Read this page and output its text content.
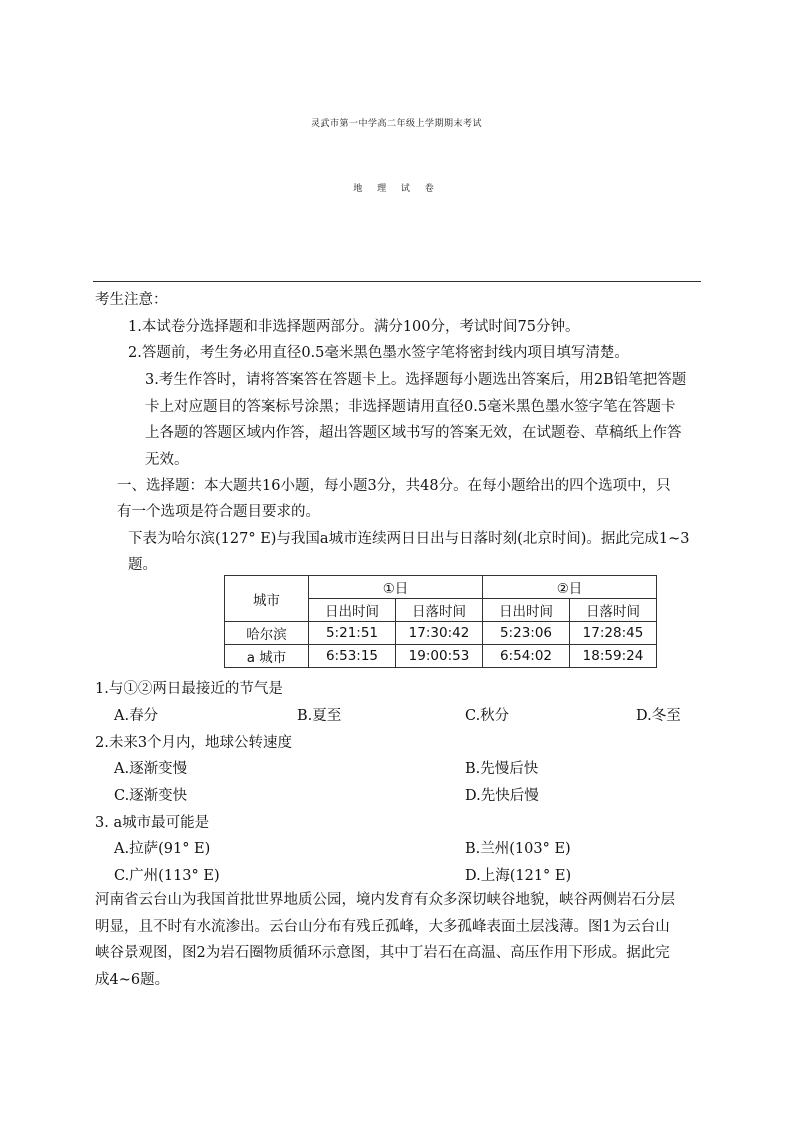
灵武市第一中学高二年级上学期期末考试
地 理 试 卷
考生注意：
1.本试卷分选择题和非选择题两部分。满分100分，考试时间75分钟。
2.答题前，考生务必用直径0.5毫米黑色墨水签字笔将密封线内项目填写清楚。
3.考生作答时，请将答案答在答题卡上。选择题每小题选出答案后，用2B铅笔把答题
卡上对应题目的答案标号涂黑；非选择题请用直径0.5毫米黑色墨水签字笔在答题卡
上各题的答题区域内作答，超出答题区域书写的答案无效，在试题卷、草稿纸上作答
无效。
一、选择题：本大题共16小题，每小题3分，共48分。在每小题给出的四个选项中，只
有一个选项是符合题目要求的。
下表为哈尔滨(127° E)与我国a城市连续两日日出与日落时刻(北京时间)。据此完成1~3
题。
城市	①日		②日	
	日出时间	日落时间	日出时间	日落时间
哈尔滨	5:21:51	17:30:42	5:23:06	17:28:45
a 城市	6:53:15	19:00:53	6:54:02	18:59:24
1.与①②两日最接近的节气是
A.春分	B.夏至	C.秋分	D.冬至
2.未来3个月内，地球公转速度
A.逐渐变慢	B.先慢后快
C.逐渐变快	D.先快后慢
3. a城市最可能是
A.拉萨(91° E)	B.兰州(103° E)
C.广州(113° E)	D.上海(121° E)
河南省云台山为我国首批世界地质公园，境内发育有众多深切峡谷地貌，峡谷两侧岩石分层
明显，且不时有水流渗出。云台山分布有残丘孤峰，大多孤峰表面土层浅薄。图1为云台山
峡谷景观图，图2为岩石圈物质循环示意图，其中丁岩石在高温、高压作用下形成。据此完
成4~6题。
